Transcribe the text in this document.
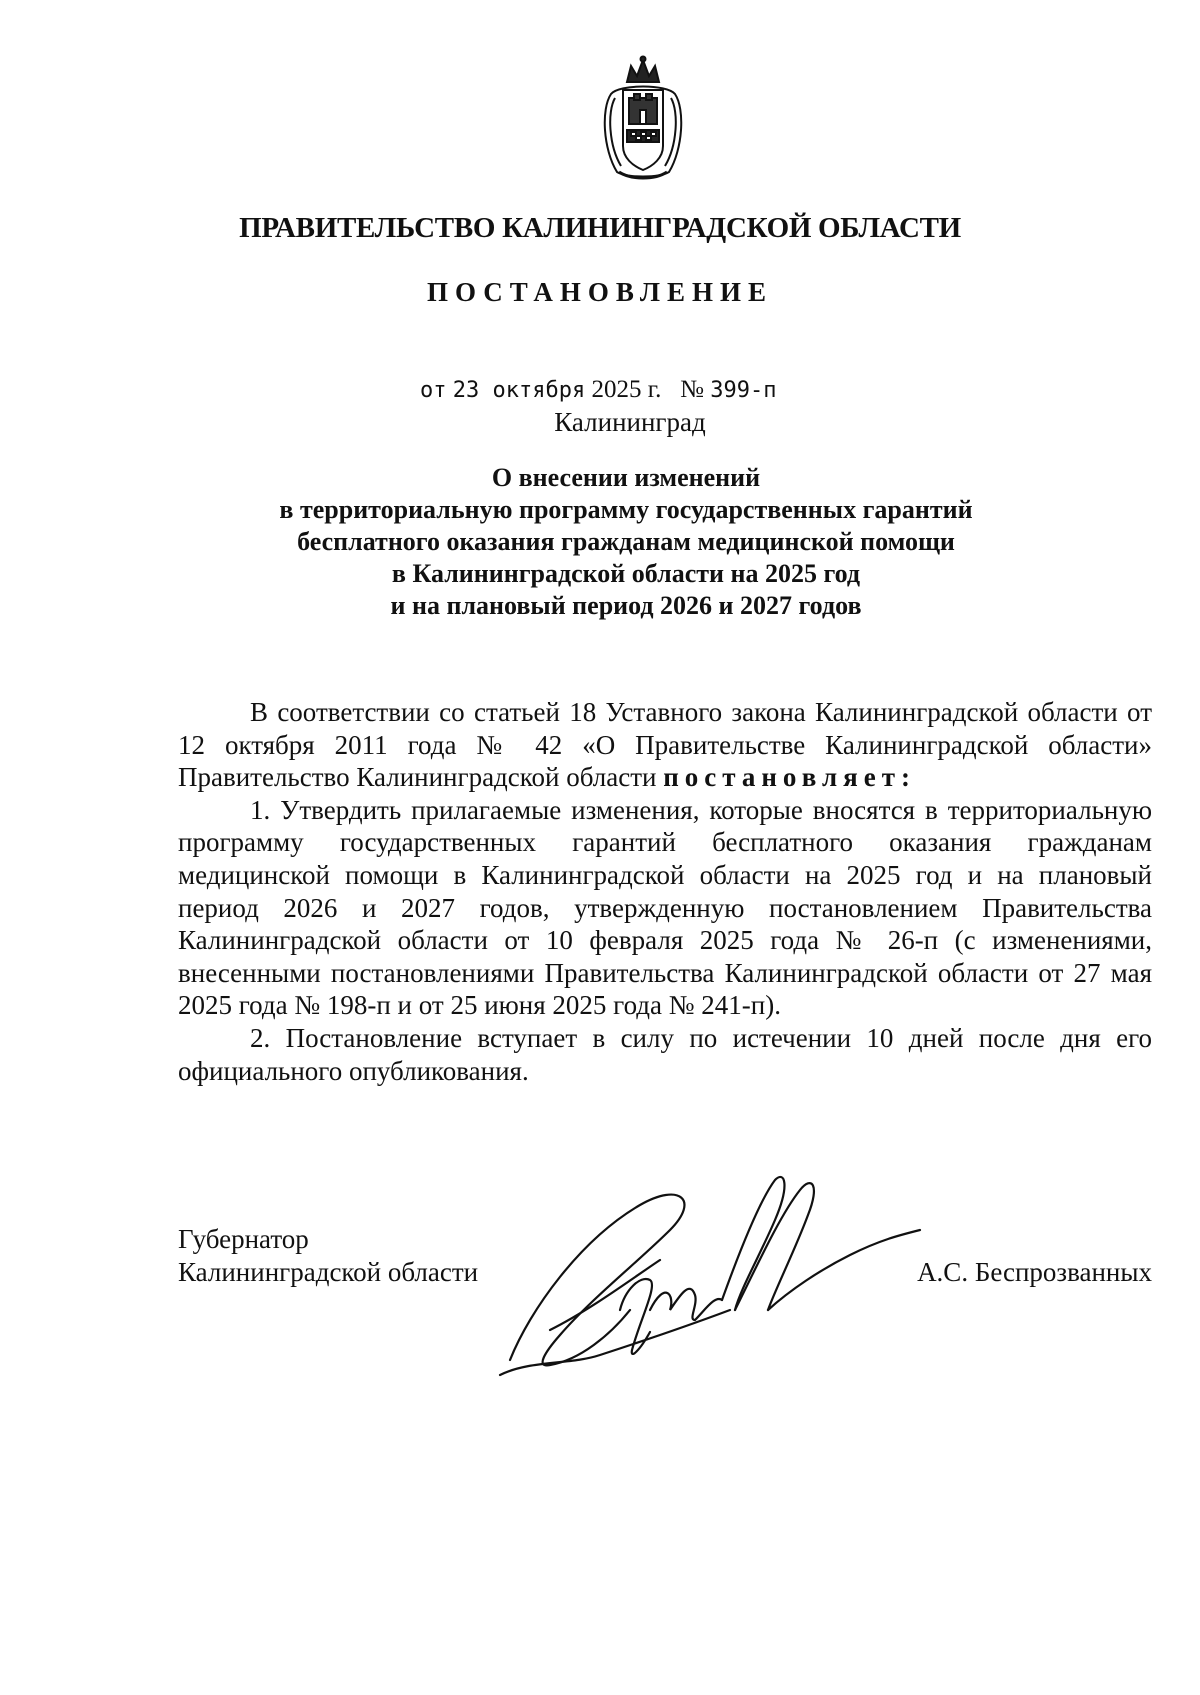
ПРАВИТЕЛЬСТВО КАЛИНИНГРАДСКОЙ ОБЛАСТИ
ПОСТАНОВЛЕНИЕ
от 23 октября 2025 г. № 399-п
Калининград
О внесении изменений
в территориальную программу государственных гарантий
бесплатного оказания гражданам медицинской помощи
в Калининградской области на 2025 год
и на плановый период 2026 и 2027 годов

В соответствии со статьей 18 Уставного закона Калининградской области от 12 октября 2011 года № 42 «О Правительстве Калининградской области» Правительство Калининградской области постановляет:

1. Утвердить прилагаемые изменения, которые вносятся в территориальную программу государственных гарантий бесплатного оказания гражданам медицинской помощи в Калининградской области на 2025 год и на плановый период 2026 и 2027 годов, утвержденную постановлением Правительства Калининградской области от 10 февраля 2025 года № 26-п (с изменениями, внесенными постановлениями Правительства Калининградской области от 27 мая 2025 года № 198-п и от 25 июня 2025 года № 241-п).

2. Постановление вступает в силу по истечении 10 дней после дня его официального опубликования.

Губернатор
Калининградской области	А.С. Беспрозванных
